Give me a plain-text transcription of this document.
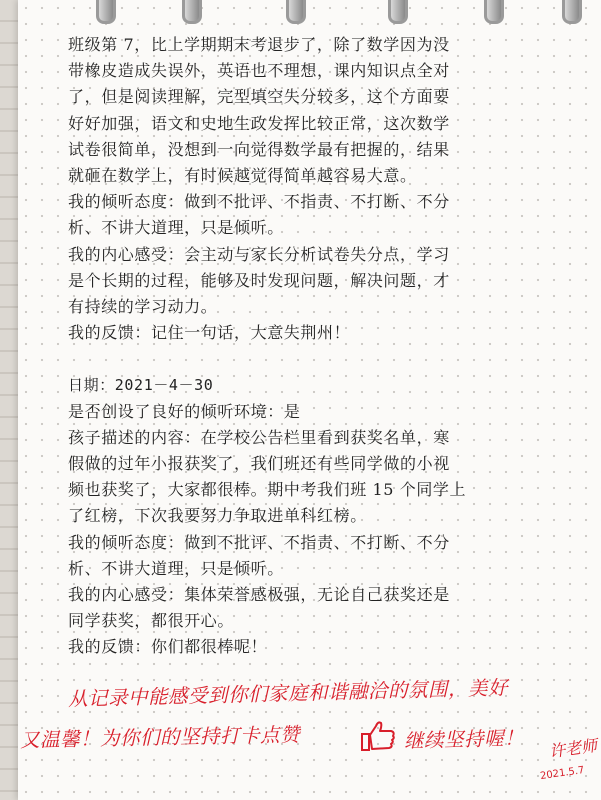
班级第 7，比上学期期末考退步了，除了数学因为没
带橡皮造成失误外，英语也不理想，课内知识点全对
了，但是阅读理解，完型填空失分较多，这个方面要
好好加强，语文和史地生政发挥比较正常，这次数学
试卷很简单，没想到一向觉得数学最有把握的，结果
就砸在数学上，有时候越觉得简单越容易大意。
我的倾听态度：做到不批评、不指责、不打断、不分
析、不讲大道理，只是倾听。
我的内心感受：会主动与家长分析试卷失分点，学习
是个长期的过程，能够及时发现问题，解决问题，才
有持续的学习动力。
我的反馈：记住一句话，大意失荆州！
日期：2021－4－30
是否创设了良好的倾听环境：是
孩子描述的内容：在学校公告栏里看到获奖名单，寒
假做的过年小报获奖了，我们班还有些同学做的小视
频也获奖了，大家都很棒。期中考我们班 15 个同学上
了红榜，下次我要努力争取进单科红榜。
我的倾听态度：做到不批评、不指责、不打断、不分
析、不讲大道理，只是倾听。
我的内心感受：集体荣誉感极强，无论自己获奖还是
同学获奖，都很开心。
我的反馈：你们都很棒呢！
从记录中能感受到你们家庭和谐融洽的氛围，美好
又温馨！为你们的坚持打卡点赞	继续坚持喔！ 许老师
2021.5.7
